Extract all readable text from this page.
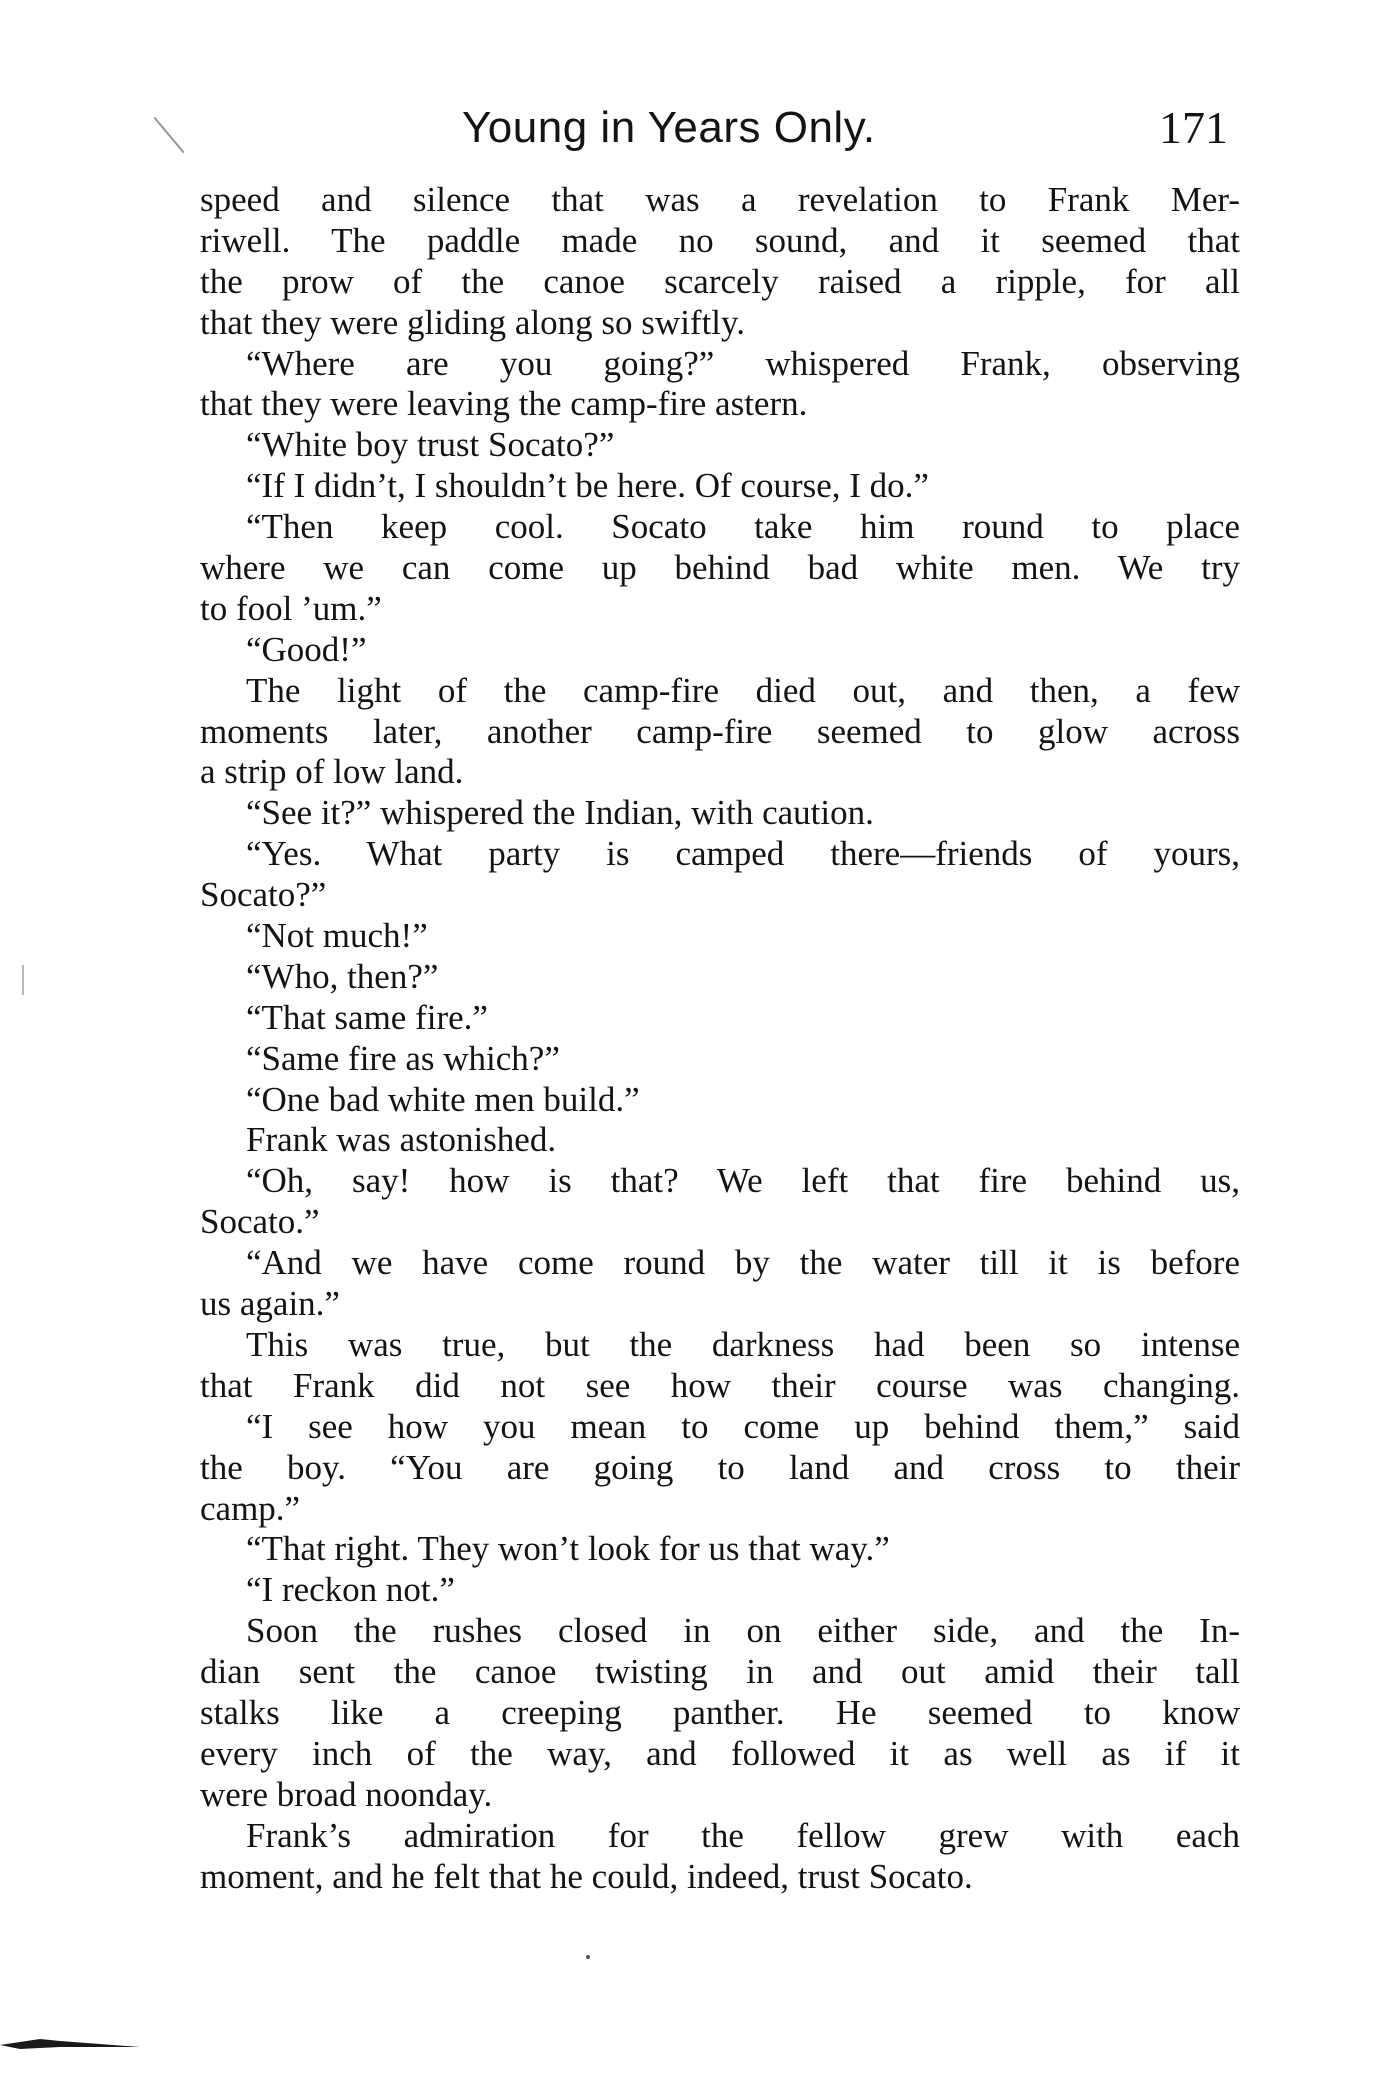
Young in Years Only.	171
speed and silence that was a revelation to Frank Mer-
riwell. The paddle made no sound, and it seemed that
the prow of the canoe scarcely raised a ripple, for all
that they were gliding along so swiftly.
“Where are you going?” whispered Frank, observing
that they were leaving the camp-fire astern.
“White boy trust Socato?”
“If I didn’t, I shouldn’t be here. Of course, I do.”
“Then keep cool. Socato take him round to place
where we can come up behind bad white men. We try
to fool ’um.”
“Good!”
The light of the camp-fire died out, and then, a few
moments later, another camp-fire seemed to glow across
a strip of low land.
“See it?” whispered the Indian, with caution.
“Yes. What party is camped there—friends of yours,
Socato?”
“Not much!”
“Who, then?”
“That same fire.”
“Same fire as which?”
“One bad white men build.”
Frank was astonished.
“Oh, say! how is that? We left that fire behind us,
Socato.”
“And we have come round by the water till it is before
us again.”
This was true, but the darkness had been so intense
that Frank did not see how their course was changing.
“I see how you mean to come up behind them,” said
the boy. “You are going to land and cross to their
camp.”
“That right. They won’t look for us that way.”
“I reckon not.”
Soon the rushes closed in on either side, and the In-
dian sent the canoe twisting in and out amid their tall
stalks like a creeping panther. He seemed to know
every inch of the way, and followed it as well as if it
were broad noonday.
Frank’s admiration for the fellow grew with each
moment, and he felt that he could, indeed, trust Socato.
